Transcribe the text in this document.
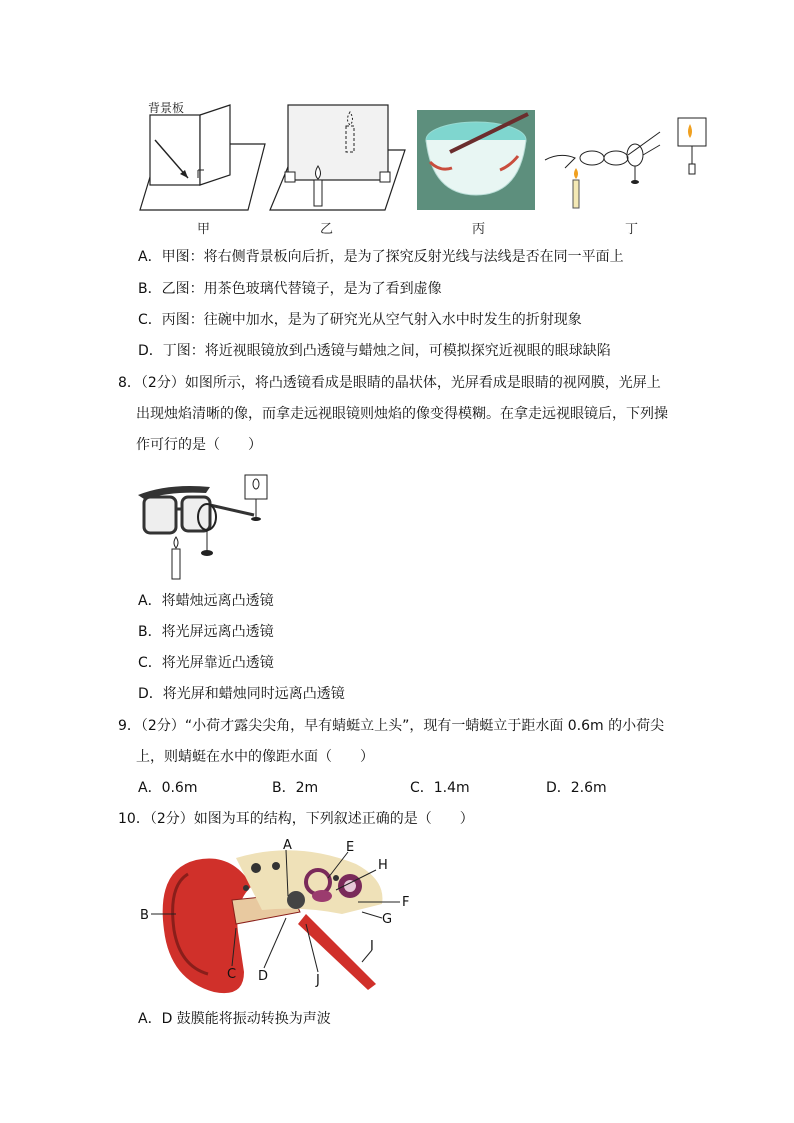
背景板
甲	乙	丙	丁
A．甲图：将右侧背景板向后折，是为了探究反射光线与法线是否在同一平面上
B．乙图：用茶色玻璃代替镜子，是为了看到虚像
C．丙图：往碗中加水，是为了研究光从空气射入水中时发生的折射现象
D．丁图：将近视眼镜放到凸透镜与蜡烛之间，可模拟探究近视眼的眼球缺陷
8．（2分）如图所示，将凸透镜看成是眼睛的晶状体，光屏看成是眼睛的视网膜，光屏上
出现烛焰清晰的像，而拿走远视眼镜则烛焰的像变得模糊。在拿走远视眼镜后，下列操
作可行的是（　　）
A．将蜡烛远离凸透镜
B．将光屏远离凸透镜
C．将光屏靠近凸透镜
D．将光屏和蜡烛同时远离凸透镜
9．（2分）“小荷才露尖尖角，早有蜻蜓立上头”，现有一蜻蜓立于距水面 0.6m 的小荷尖
上，则蜻蜓在水中的像距水面（　　）
A．0.6m	B．2m	C．1.4m	D．2.6m
10．（2分）如图为耳的结构，下列叙述正确的是（　　）
A
B
C D
E
F
G
H
I
J
A．D 鼓膜能将振动转换为声波
